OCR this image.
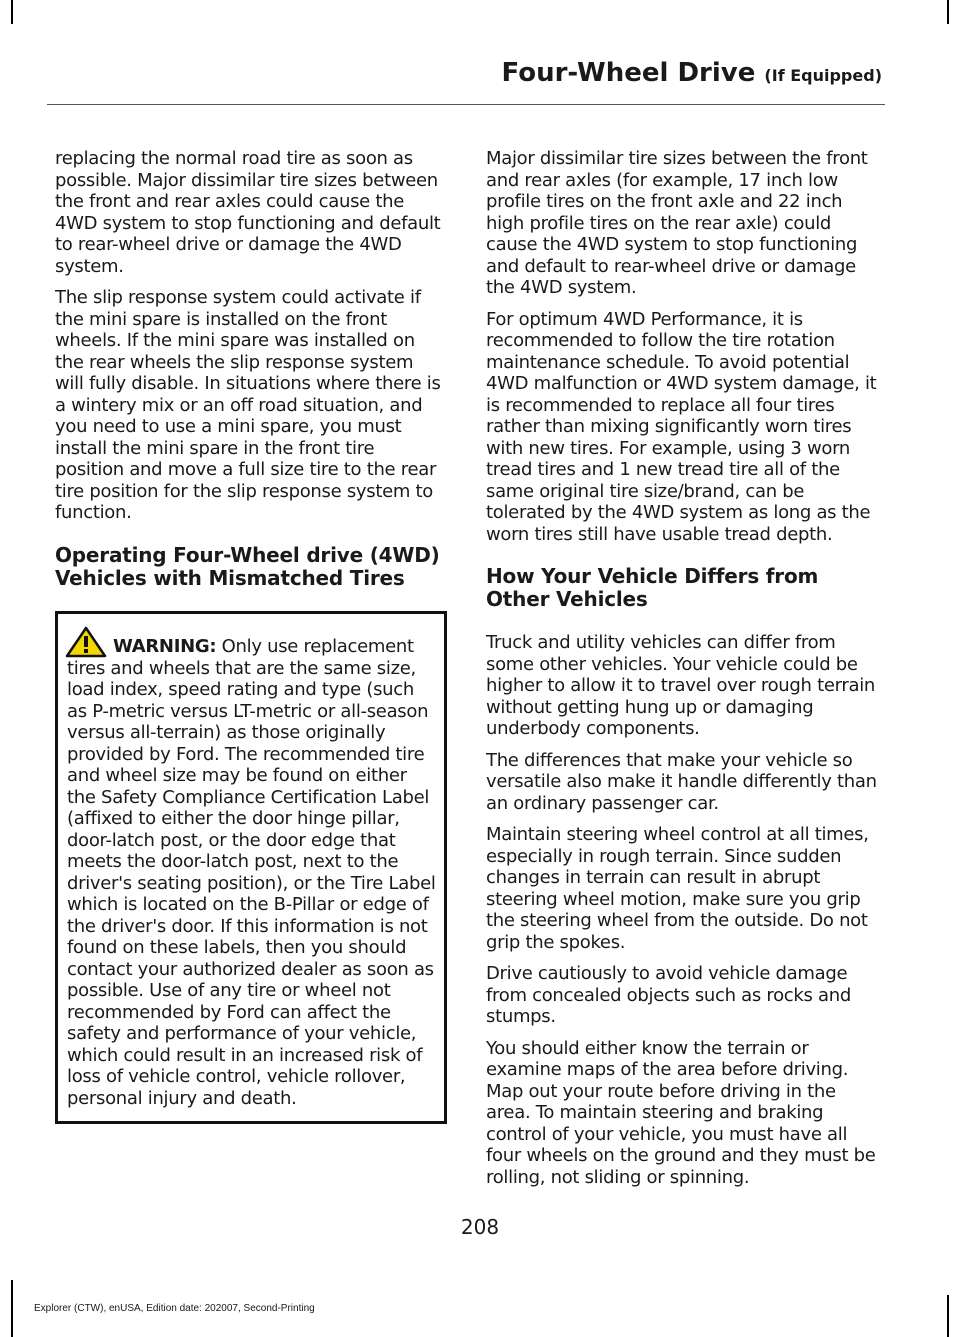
Four-Wheel Drive (If Equipped)

replacing the normal road tire as soon as possible. Major dissimilar tire sizes between the front and rear axles could cause the 4WD system to stop functioning and default to rear-wheel drive or damage the 4WD system.

The slip response system could activate if the mini spare is installed on the front wheels. If the mini spare was installed on the rear wheels the slip response system will fully disable. In situations where there is a wintery mix or an off road situation, and you need to use a mini spare, you must install the mini spare in the front tire position and move a full size tire to the rear tire position for the slip response system to function.

Operating Four-Wheel drive (4WD) Vehicles with Mismatched Tires

WARNING: Only use replacement tires and wheels that are the same size, load index, speed rating and type (such as P-metric versus LT-metric or all-season versus all-terrain) as those originally provided by Ford. The recommended tire and wheel size may be found on either the Safety Compliance Certification Label (affixed to either the door hinge pillar, door-latch post, or the door edge that meets the door-latch post, next to the driver's seating position), or the Tire Label which is located on the B-Pillar or edge of the driver's door. If this information is not found on these labels, then you should contact your authorized dealer as soon as possible. Use of any tire or wheel not recommended by Ford can affect the safety and performance of your vehicle, which could result in an increased risk of loss of vehicle control, vehicle rollover, personal injury and death.

Major dissimilar tire sizes between the front and rear axles (for example, 17 inch low profile tires on the front axle and 22 inch high profile tires on the rear axle) could cause the 4WD system to stop functioning and default to rear-wheel drive or damage the 4WD system.

For optimum 4WD Performance, it is recommended to follow the tire rotation maintenance schedule. To avoid potential 4WD malfunction or 4WD system damage, it is recommended to replace all four tires rather than mixing significantly worn tires with new tires. For example, using 3 worn tread tires and 1 new tread tire all of the same original tire size/brand, can be tolerated by the 4WD system as long as the worn tires still have usable tread depth.

How Your Vehicle Differs from Other Vehicles

Truck and utility vehicles can differ from some other vehicles. Your vehicle could be higher to allow it to travel over rough terrain without getting hung up or damaging underbody components.

The differences that make your vehicle so versatile also make it handle differently than an ordinary passenger car.

Maintain steering wheel control at all times, especially in rough terrain. Since sudden changes in terrain can result in abrupt steering wheel motion, make sure you grip the steering wheel from the outside. Do not grip the spokes.

Drive cautiously to avoid vehicle damage from concealed objects such as rocks and stumps.

You should either know the terrain or examine maps of the area before driving. Map out your route before driving in the area. To maintain steering and braking control of your vehicle, you must have all four wheels on the ground and they must be rolling, not sliding or spinning.

208
Explorer (CTW), enUSA, Edition date: 202007, Second-Printing
